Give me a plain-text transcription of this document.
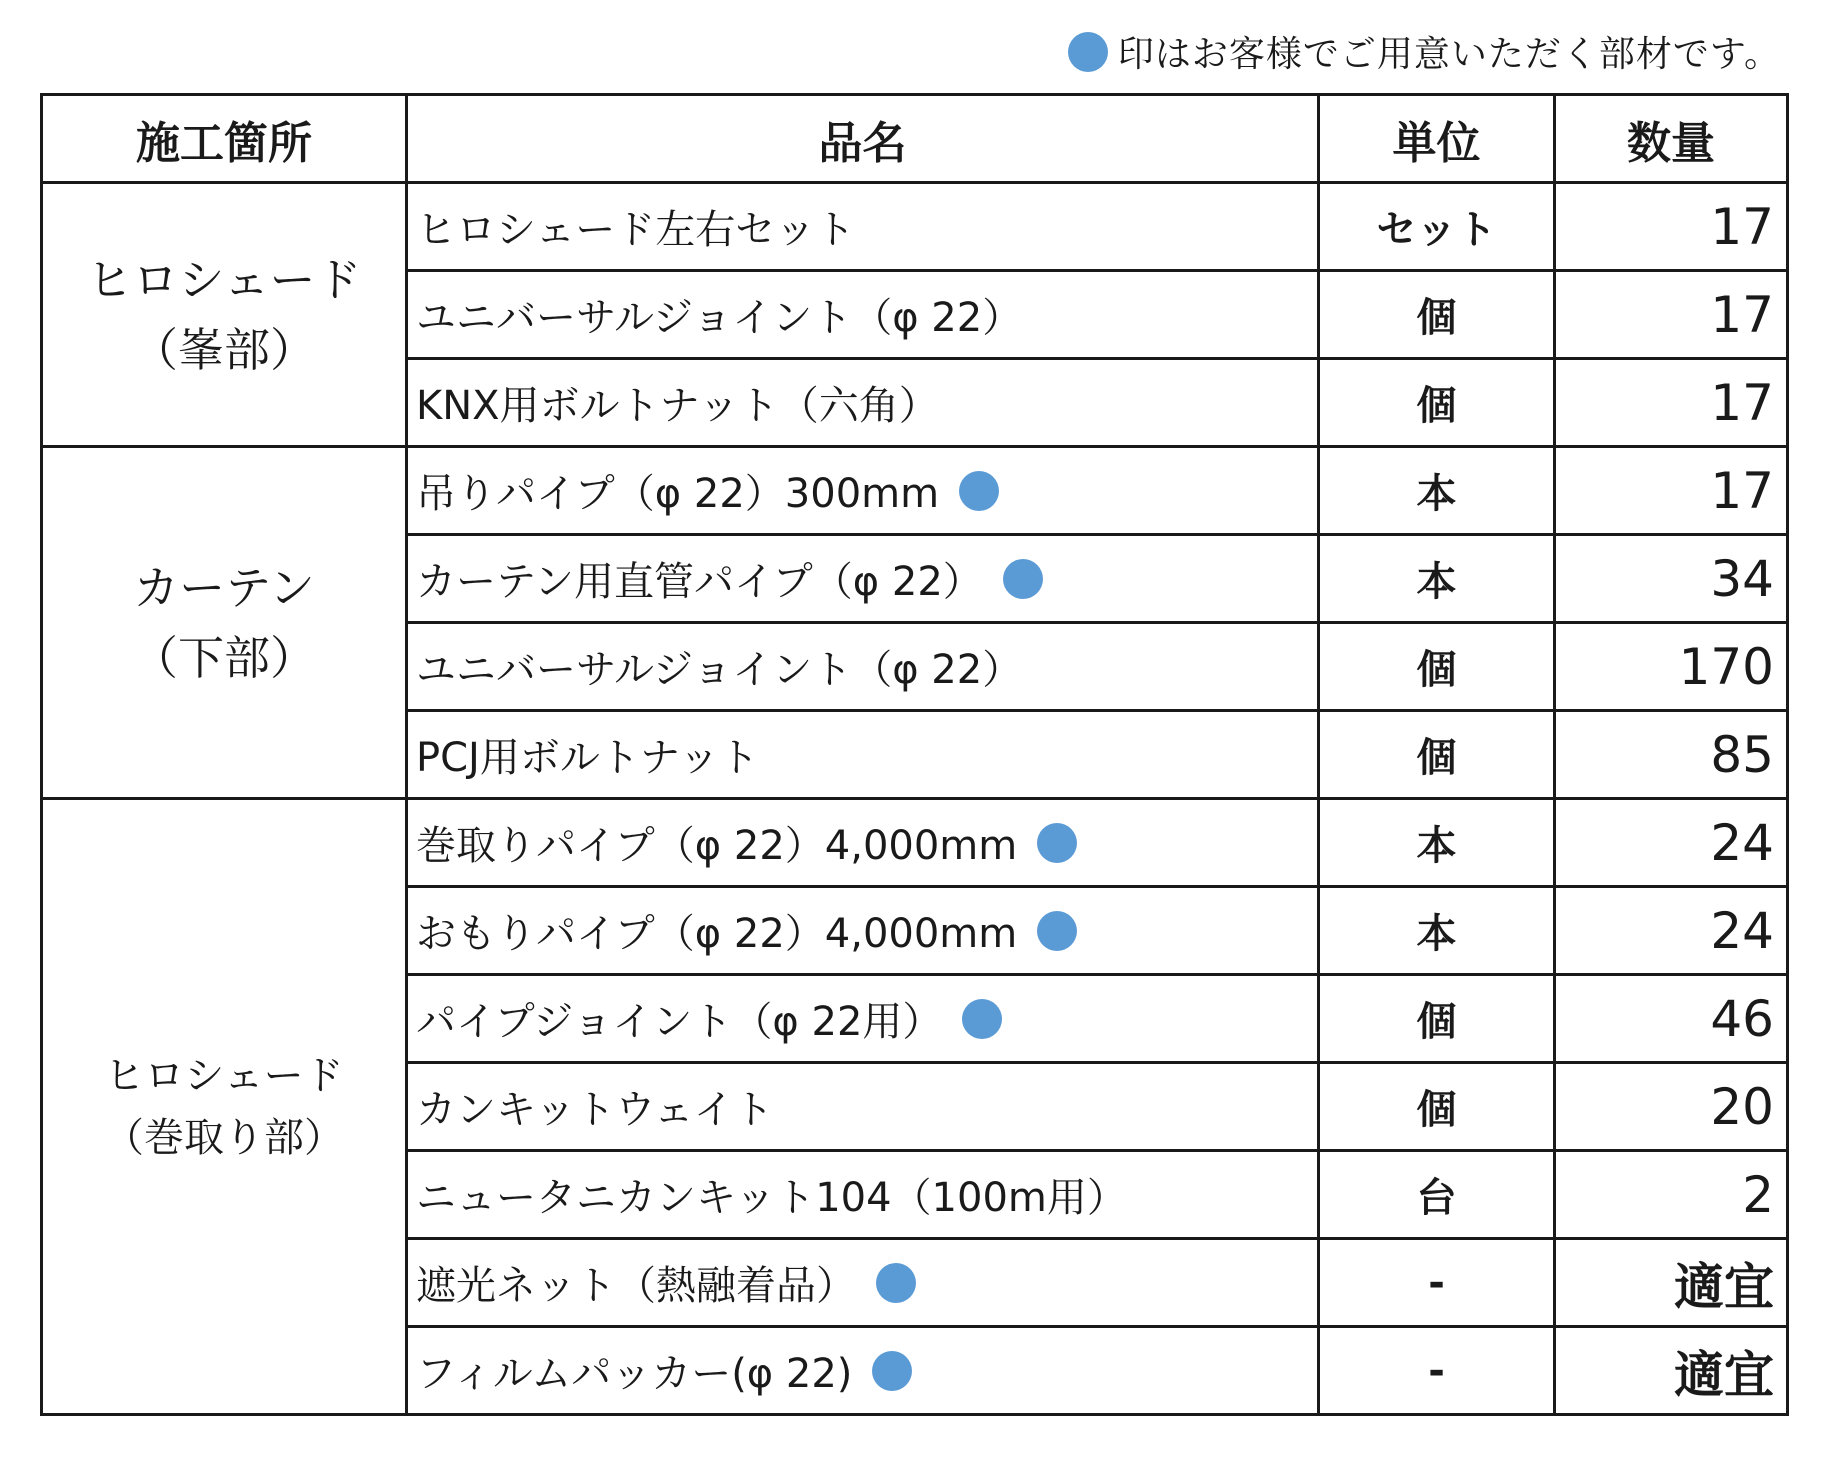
印はお客様でご用意いただく部材です。
施工箇所	品名	単位	数量

ヒロシェード
（峯部）	ヒロシェード左右セット	セット	17

	ユニバーサルジョイント（φ 22）	個	17

	KNX用ボルトナット（六角）	個	17

カーテン
（下部）	吊りパイプ（φ 22）300mm	本	17

	カーテン用直管パイプ（φ 22）	本	34

	ユニバーサルジョイント（φ 22）	個	170

	PCJ用ボルトナット	個	85

ヒロシェード
（巻取り部）	巻取りパイプ（φ 22）4,000mm	本	24

	おもりパイプ（φ 22）4,000mm	本	24

	パイプジョイント（φ 22用）	個	46

	カンキットウェイト	個	20

	ニュータニカンキット104（100m用）	台	2

	遮光ネット（熱融着品）	-	適宜

	フィルムパッカー(φ 22)	-	適宜
